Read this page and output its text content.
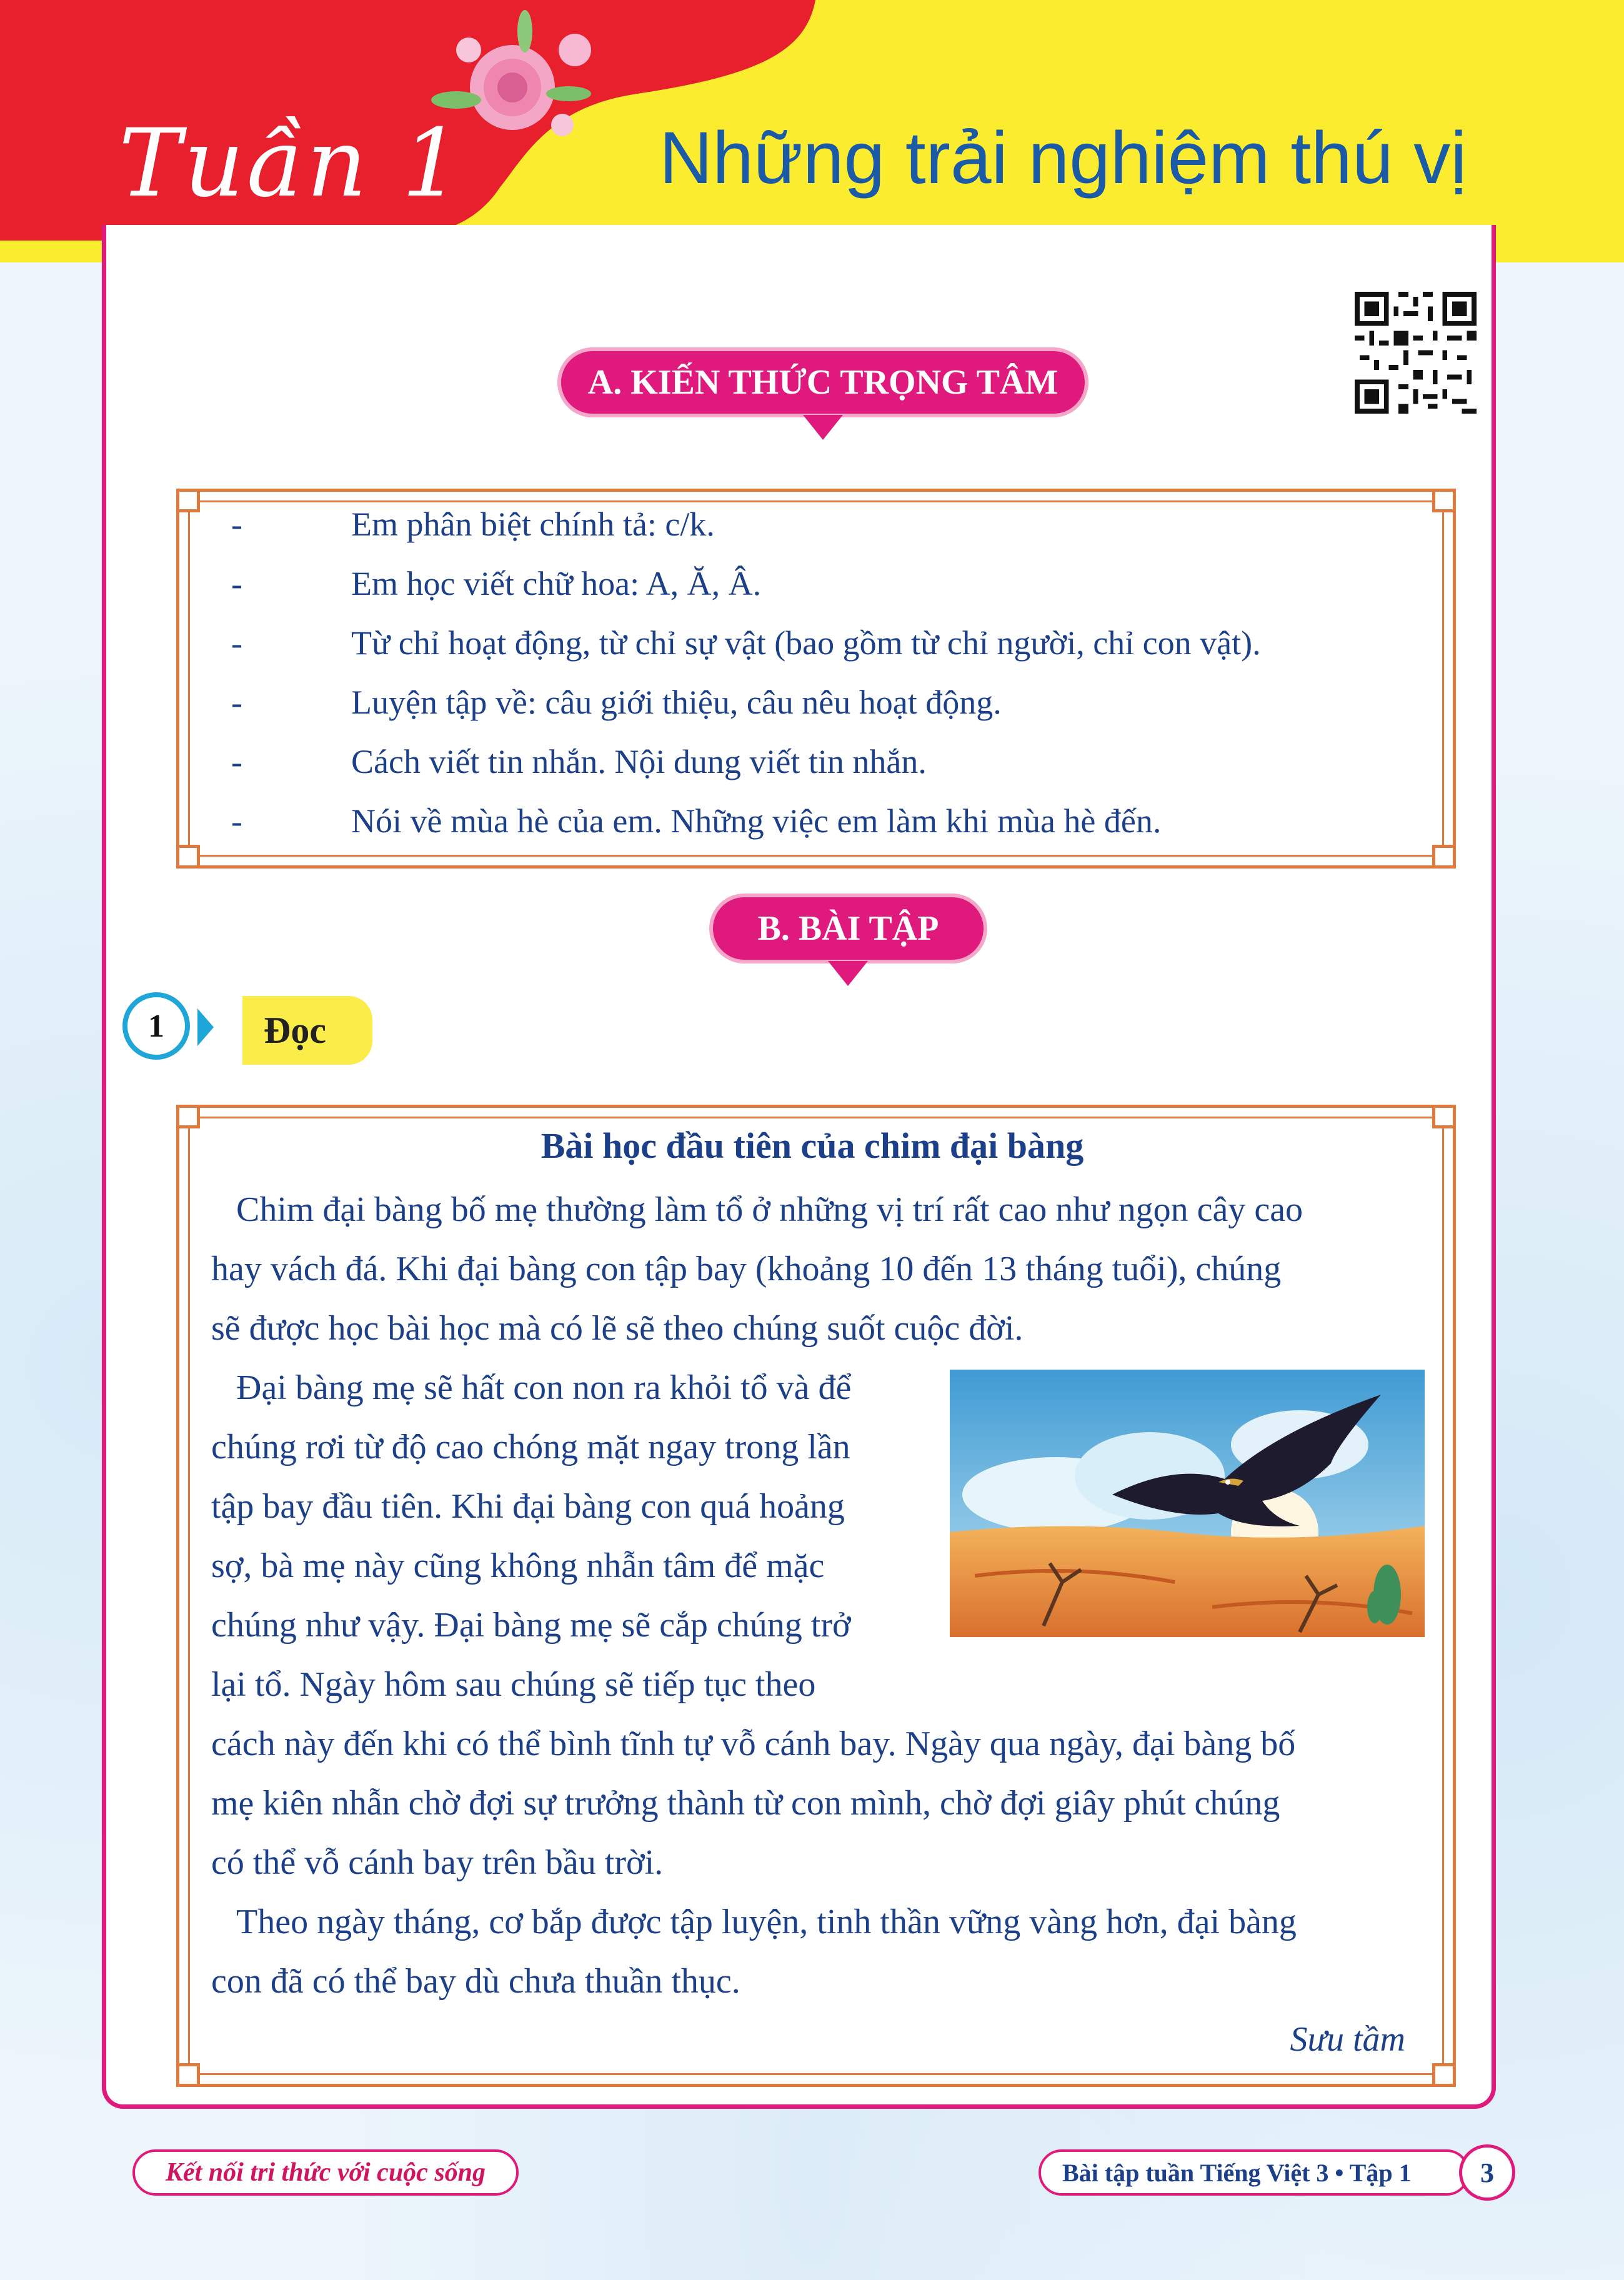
Tuần 1	Những trải nghiệm thú vị
A. KIẾN THỨC TRỌNG TÂM
-	Em phân biệt chính tả: c/k.
-	Em học viết chữ hoa: A, Ă, Â.
-	Từ chỉ hoạt động, từ chỉ sự vật (bao gồm từ chỉ người, chỉ con vật).
-	Luyện tập về: câu giới thiệu, câu nêu hoạt động.
-	Cách viết tin nhắn. Nội dung viết tin nhắn.
-	Nói về mùa hè của em. Những việc em làm khi mùa hè đến.
B. BÀI TẬP
1	Đọc
Bài học đầu tiên của chim đại bàng
Chim đại bàng bố mẹ thường làm tổ ở những vị trí rất cao như ngọn cây cao
hay vách đá. Khi đại bàng con tập bay (khoảng 10 đến 13 tháng tuổi), chúng
sẽ được học bài học mà có lẽ sẽ theo chúng suốt cuộc đời.
Đại bàng mẹ sẽ hất con non ra khỏi tổ và để
chúng rơi từ độ cao chóng mặt ngay trong lần
tập bay đầu tiên. Khi đại bàng con quá hoảng
sợ, bà mẹ này cũng không nhẫn tâm để mặc
chúng như vậy. Đại bàng mẹ sẽ cắp chúng trở
lại tổ. Ngày hôm sau chúng sẽ tiếp tục theo
cách này đến khi có thể bình tĩnh tự vỗ cánh bay. Ngày qua ngày, đại bàng bố
mẹ kiên nhẫn chờ đợi sự trưởng thành từ con mình, chờ đợi giây phút chúng
có thể vỗ cánh bay trên bầu trời.
Theo ngày tháng, cơ bắp được tập luyện, tinh thần vững vàng hơn, đại bàng
con đã có thể bay dù chưa thuần thục.
Sưu tầm
Kết nối tri thức với cuộc sống	Bài tập tuần Tiếng Việt 3 • Tập 1	3
